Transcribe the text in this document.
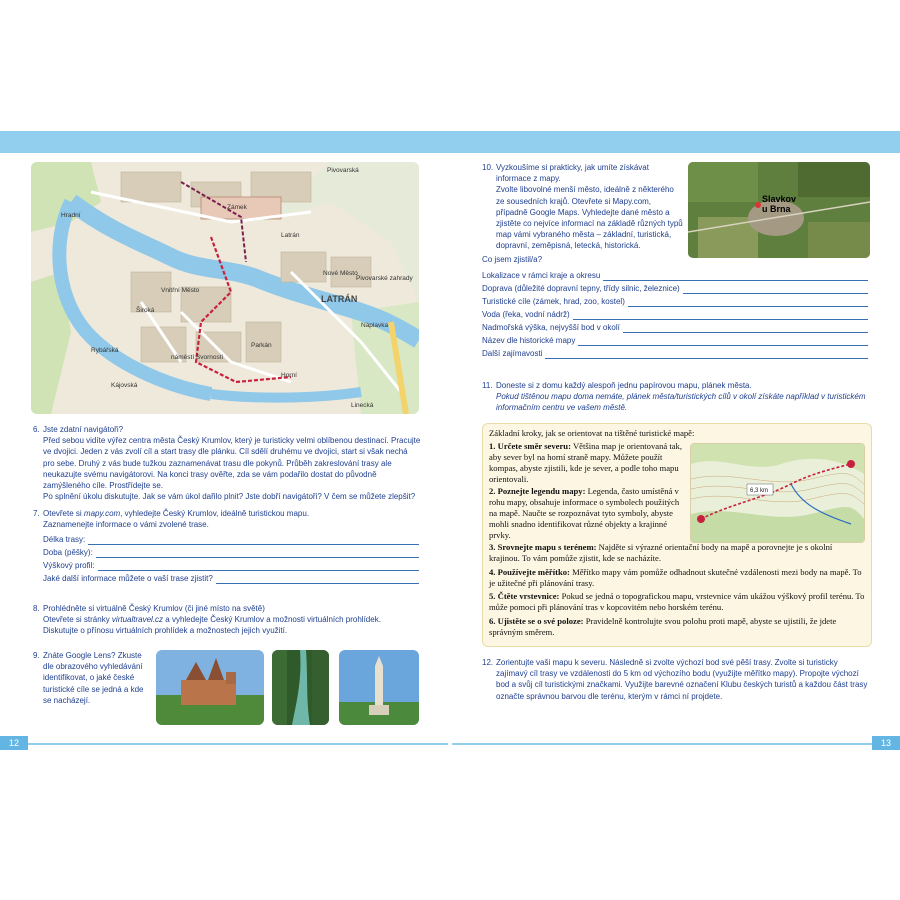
Pivovarská
Zámek
Hradní
LATRÁN
Nové Město
Pivovarské zahrady
náměstí Svornosti
Horní
Náplavka
Kájovská
Parkán
Široká
Vnitřní Město
Linecká
Rybářská
Latrán
6. Jste zdatní navigátoři?
Před sebou vidíte výřez centra města Český Krumlov, který je turisticky velmi oblíbenou destinací. Pracujte ve dvojici. Jeden z vás zvolí cíl a start trasy dle plánku. Cíl sdělí druhému ve dvojici, start si však nechá pro sebe. Druhý z vás bude tužkou zaznamenávat trasu dle pokynů. Průběh zakreslování trasy ale neukazujte svému navigátorovi. Na konci trasy ověřte, zda se vám podařilo dostat do původně zamýšleného cíle. Prostřídejte se.
Po splnění úkolu diskutujte. Jak se vám úkol dařilo plnit? Jste dobří navigátoři? V čem se můžete zlepšit?
7. Otevřete si mapy.com, vyhledejte Český Krumlov, ideálně turistickou mapu.
Zaznamenejte informace o vámi zvolené trase.
Délka trasy:
Doba (pěšky):
Výškový profil:
Jaké další informace můžete o vaší trase zjistit?
8. Prohlédněte si virtuálně Český Krumlov (či jiné místo na světě)
Otevřete si stránky virtualtravel.cz a vyhledejte Český Krumlov a možnosti virtuálních prohlídek.
Diskutujte o přínosu virtuálních prohlídek a možnostech jejich využití.
9. Znáte Google Lens? Zkuste dle obrazového vyhledávání identifikovat, o jaké české turistické cíle se jedná a kde se nacházejí.
12
10. Vyzkoušíme si prakticky, jak umíte získávat informace z mapy.
Zvolte libovolné menší město, ideálně z některého ze sousedních krajů. Otevřete si Mapy.com, případně Google Maps. Vyhledejte dané město a zjistěte co nejvíce informací na základě různých typů map vámi vybraného města – základní, turistická, dopravní, zeměpisná, letecká, historická.
Slavkov
u Brna
Co jsem zjistil/a?
Lokalizace v rámci kraje a okresu
Doprava (důležité dopravní tepny, třídy silnic, železnice)
Turistické cíle (zámek, hrad, zoo, kostel)
Voda (řeka, vodní nádrž)
Nadmořská výška, nejvyšší bod v okolí
Název dle historické mapy
Další zajímavosti
11. Doneste si z domu každý alespoň jednu papírovou mapu, plánek města.
Pokud tištěnou mapu doma nemáte, plánek města/turistických cílů v okolí získáte například v turistickém informačním centru ve vašem městě.
Základní kroky, jak se orientovat na tištěné turistické mapě:
1. Určete směr severu: Většina map je orientovaná tak, aby sever byl na horní straně mapy. Můžete použít kompas, abyste zjistili, kde je sever, a podle toho mapu orientovali.
2. Poznejte legendu mapy: Legenda, často umístěná v rohu mapy, obsahuje informace o symbolech použitých na mapě. Naučte se rozpoznávat tyto symboly, abyste mohli snadno identifikovat různé objekty a krajinné prvky.
3. Srovnejte mapu s terénem: Najděte si výrazné orientační body na mapě a porovnejte je s okolní krajinou. To vám pomůže zjistit, kde se nacházíte.
4. Používejte měřítko: Měřítko mapy vám pomůže odhadnout skutečné vzdálenosti mezi body na mapě. To je užitečné při plánování trasy.
5. Čtěte vrstevnice: Pokud se jedná o topografickou mapu, vrstevnice vám ukážou výškový profil terénu. To může pomoci při plánování tras v kopcovitém nebo horském terénu.
6. Ujistěte se o své poloze: Pravidelně kontrolujte svou polohu proti mapě, abyste se ujistili, že jdete správným směrem.
6,3 km
12. Zorientujte vaši mapu k severu. Následně si zvolte výchozí bod své pěší trasy. Zvolte si turisticky zajímavý cíl trasy ve vzdálenosti do 5 km od výchozího bodu (využijte měřítko mapy). Propojte výchozí bod a svůj cíl turistickými značkami. Využijte barevné označení Klubu českých turistů a každou část trasy označte správnou barvou dle terénu, kterým v rámci ní projdete.
13
